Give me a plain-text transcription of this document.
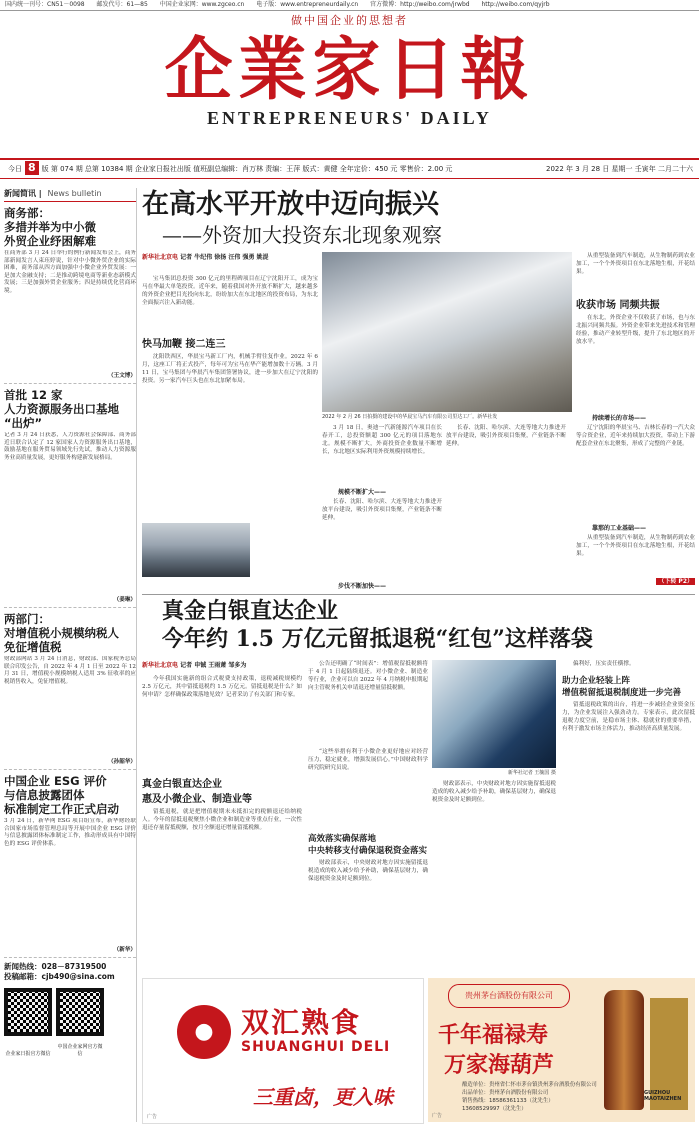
国内统一刊号：CN51－0098 邮发代号：61—85 中国企业家网：www.zgceo.cn 电子版：www.entrepreneurdaily.cn 官方微博：http://weibo.com/jrwbd http://weibo.com/qyjrb
做中国企业的思想者
企業家日報
ENTREPRENEURS' DAILY
今日 8 版 第 074 期 总第 10384 期 企业家日报社出版 值班副总编辑：肖万林 责编：王萍 版式：黄健 全年定价：450 元 零售价：2.00 元	2022 年 3 月 28 日 星期一 壬寅年 二月二十六
新闻简讯 | News bulletin
商务部：
多措并举为中小微
外贸企业纾困解难

在商务部 3 月 24 日举行的例行新闻发布会上，商务部新闻发言人束珏婷说，针对中小微外贸企业的实际困难，商务部从四方面加强中小微企业外贸发展：一是加大金融支持；二是推动跨境电商等新业态新模式发展；三是加强外贸企业服务；四是持续优化营商环境。

（王文博）
首批 12 家
人力资源服务出口基地
“出炉”

记者 3 月 24 日获悉，人力资源社会保障部、商务部近日联合认定了 12 家国家人力资源服务出口基地，鼓励基地在服务贸易领域先行先试，推动人力资源服务业高质量发展，更好服务构建新发展格局。

（姜琳）
两部门：
对增值税小规模纳税人
免征增值税

财政部网站 3 月 24 日消息，财政部、国家税务总局联合印发公告，自 2022 年 4 月 1 日至 2022 年 12 月 31 日，增值税小规模纳税人适用 3% 征收率的应税销售收入，免征增值税。

（孙韶华）
中国企业 ESG 评价
与信息披露团体
标准制定工作正式启动

3 月 24 日，新华网 ESG 项目组宣布，新华财经联合国家市场监督管理总局等开展中国企业 ESG 评价与信息披露团体标准制定工作，推动形成具有中国特色的 ESG 评价体系。

（新华）
新闻热线：028－87319500
投稿邮箱：cjb490@sina.com
企业家日报官方微信中国企业家网官方微信
在高水平开放中迈向振兴
——外资加大投资东北现象观察
新华社北京电 记者 牛纪伟 徐扬 汪伟 强勇 姚湜

宝马集团总投资 300 亿元的里程碑项目在辽宁沈阳开工，成为宝马在华最大单笔投资。近年来，随着我国对外开放不断扩大，越来越多的外资企业把目光投向东北，纷纷加大在东北地区的投资布局，为东北全面振兴注入新动能。

快马加鞭 接二连三

沈阳铁西区，华晨宝马新工厂内，机械手臂往复作业。2022 年 6 月，这座工厂将正式投产，每年可为宝马在华产能增加数十万辆。3 月 11 日，宝马集团与华晨汽车集团签署协议，进一步加大在辽宁沈阳的投资。另一家汽车巨头也在东北加紧布局。

2022 年 2 月 26 日拍摄的建设中的华晨宝马汽车有限公司里达工厂。新华社发

3 月 18 日，奥迪一汽新能源汽车项目在长春开工，总投资额超 300 亿元的项目落地东北。规模不断扩大，外商投资企业数量不断增长，东北地区实际利用外资规模持续增长。

规模不断扩大——

长春、沈阳、哈尔滨、大连等地大力推进开放平台建设，吸引外资项目集聚，产业链条不断延伸。

步伐不断加快——

长春、沈阳、哈尔滨、大连等地大力推进开放平台建设，吸引外资项目集聚，产业链条不断延伸。

从重型装备到汽车制造，从生物制药到农业加工，一个个外资项目在东北落地生根，开花结果。

收获市场 同频共振

在东北，外资企业不仅收获了市场，也与东北振兴同频共振。外资企业带来先进技术和管理经验，推动产业转型升级，提升了东北地区的开放水平。

持续增长的市场——

辽宁沈阳的华晨宝马、吉林长春的一汽大众等合资企业，近年来持续加大投资，带动上下游配套企业在东北聚集，形成了完整的产业链。

靠那的工业基础——

从重型装备到汽车制造，从生物制药到农业加工，一个个外资项目在东北落地生根，开花结果。

（下转 P2）
真金白银直达企业
今年约 1.5 万亿元留抵退税“红包”这样落袋
新华社北京电 记者 申铖 王雨萧 邹多为

今年我国实施新的组合式税费支持政策，退税减税规模约 2.5 万亿元，其中留抵退税约 1.5 万亿元。留抵退税是什么？如何申请？怎样确保政策落地见效？记者采访了有关部门和专家。

真金白银直达企业
惠及小微企业、制造业等

留抵退税，就是把增值税期末未抵扣完的税额退还给纳税人。今年的留抵退税聚焦小微企业和制造业等重点行业，一次性退还存量留抵税额，按月全额退还增量留抵税额。

公告还明确了“时间表”：增值税留抵税额将于 4 月 1 日起陆续退还。对小微企业、制造业等行业，企业可以自 2022 年 4 月纳税申报期起向主管税务机关申请退还增量留抵税额。

“这些举措有利于小微企业更好地应对经营压力，稳定就业，增强发展信心。”中国财政科学研究院研究员说。

高效落实确保落地
中央转移支付确保退税资金落实

财政部表示，中央财政对地方因实施留抵退税造成的收入减少给予补助，确保基层财力，确保退税资金及时足额到位。

新华社记者 王毓国 摄

财政部表示，中央财政对地方因实施留抵退税造成的收入减少给予补助，确保基层财力，确保退税资金及时足额到位。

偏利好，压实责任横撑。

助力企业轻装上阵
增值税留抵退税制度进一步完善

留抵退税政策的出台，将进一步减轻企业资金压力，为企业发展注入强劲动力。专家表示，此次留抵退税力度空前，是稳市场主体、稳就业的重要举措，有利于激发市场主体活力，推动经济高质量发展。

● 双汇熟食
SHUANGHUI DELI
三重卤，更入味
广告
贵州茅台酒股份有限公司
千年福禄寿
万家海葫芦
酿造单位：贵州省仁怀市茅台镇贵州茅台酒股份有限公司
出品单位：贵州茅台酒股份有限公司
销售热线：18586361133（沈先生）
13608529997（沈先生）
GUIZHOU MAOTAIZHEN
广告
